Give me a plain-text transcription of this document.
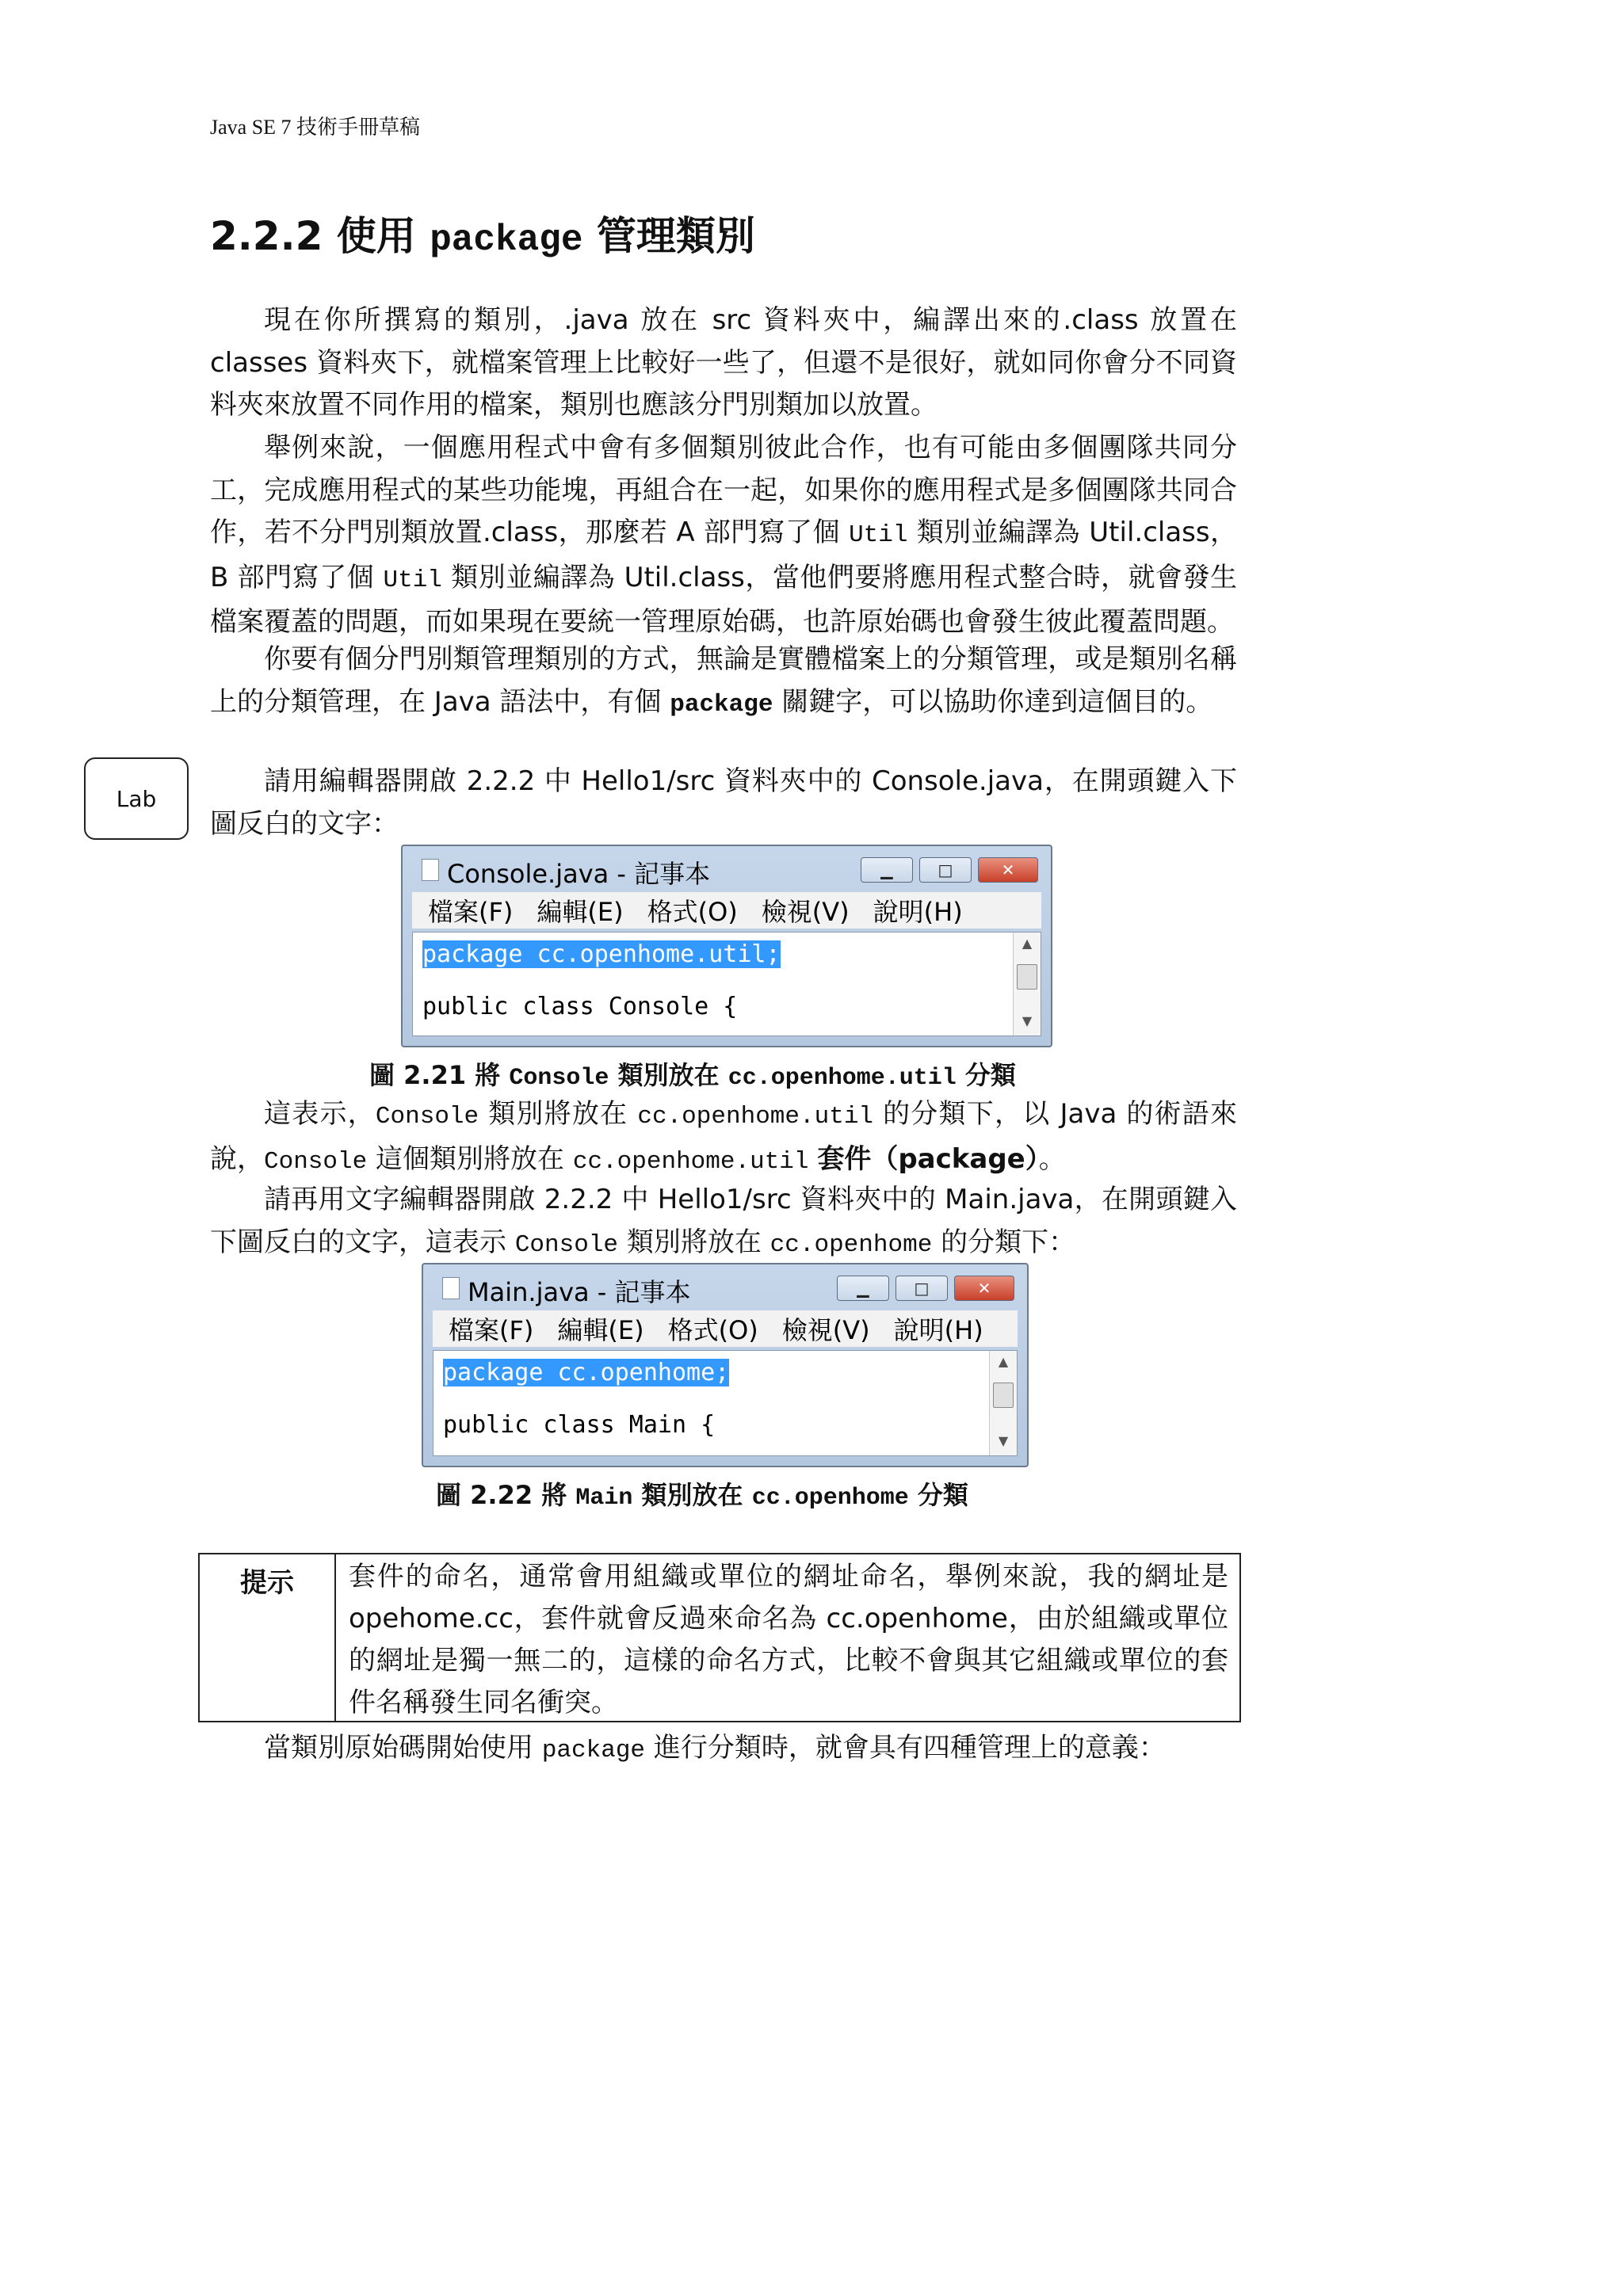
Java SE 7 技術手冊草稿
2.2.2 使用 package 管理類別

現在你所撰寫的類別，.java 放在 src 資料夾中，編譯出來的.class 放置在 classes 資料夾下，就檔案管理上比較好一些了，但還不是很好，就如同你會分不同資料夾來放置不同作用的檔案，類別也應該分門別類加以放置。

舉例來說，一個應用程式中會有多個類別彼此合作，也有可能由多個團隊共同分工，完成應用程式的某些功能塊，再組合在一起，如果你的應用程式是多個團隊共同合作，若不分門別類放置.class，那麼若 A 部門寫了個 Util 類別並編譯為 Util.class，B 部門寫了個 Util 類別並編譯為 Util.class，當他們要將應用程式整合時，就會發生檔案覆蓋的問題，而如果現在要統一管理原始碼，也許原始碼也會發生彼此覆蓋問題。

你要有個分門別類管理類別的方式，無論是實體檔案上的分類管理，或是類別名稱上的分類管理，在 Java 語法中，有個 package 關鍵字，可以協助你達到這個目的。

Lab

請用編輯器開啟 2.2.2 中 Hello1/src 資料夾中的 Console.java，在開頭鍵入下圖反白的文字：

Console.java - 記事本	▁	□	✕
檔案(F) 編輯(E) 格式(O) 檢視(V) 說明(H)
package cc.openhome.util;
public class Console {
▲
▼
圖 2.21 將 Console 類別放在 cc.openhome.util 分類

這表示，Console 類別將放在 cc.openhome.util 的分類下，以 Java 的術語來說，Console 這個類別將放在 cc.openhome.util 套件（package）。

請再用文字編輯器開啟 2.2.2 中 Hello1/src 資料夾中的 Main.java，在開頭鍵入下圖反白的文字，這表示 Console 類別將放在 cc.openhome 的分類下：

Main.java - 記事本	▁	□	✕
檔案(F) 編輯(E) 格式(O) 檢視(V) 說明(H)
package cc.openhome;
public class Main {
▲
▼
圖 2.22 將 Main 類別放在 cc.openhome 分類
提示	套件的命名，通常會用組織或單位的網址命名，舉例來說，我的網址是 opehome.cc，套件就會反過來命名為 cc.openhome，由於組織或單位的網址是獨一無二的，這樣的命名方式，比較不會與其它組織或單位的套件名稱發生同名衝突。

當類別原始碼開始使用 package 進行分類時，就會具有四種管理上的意義：
